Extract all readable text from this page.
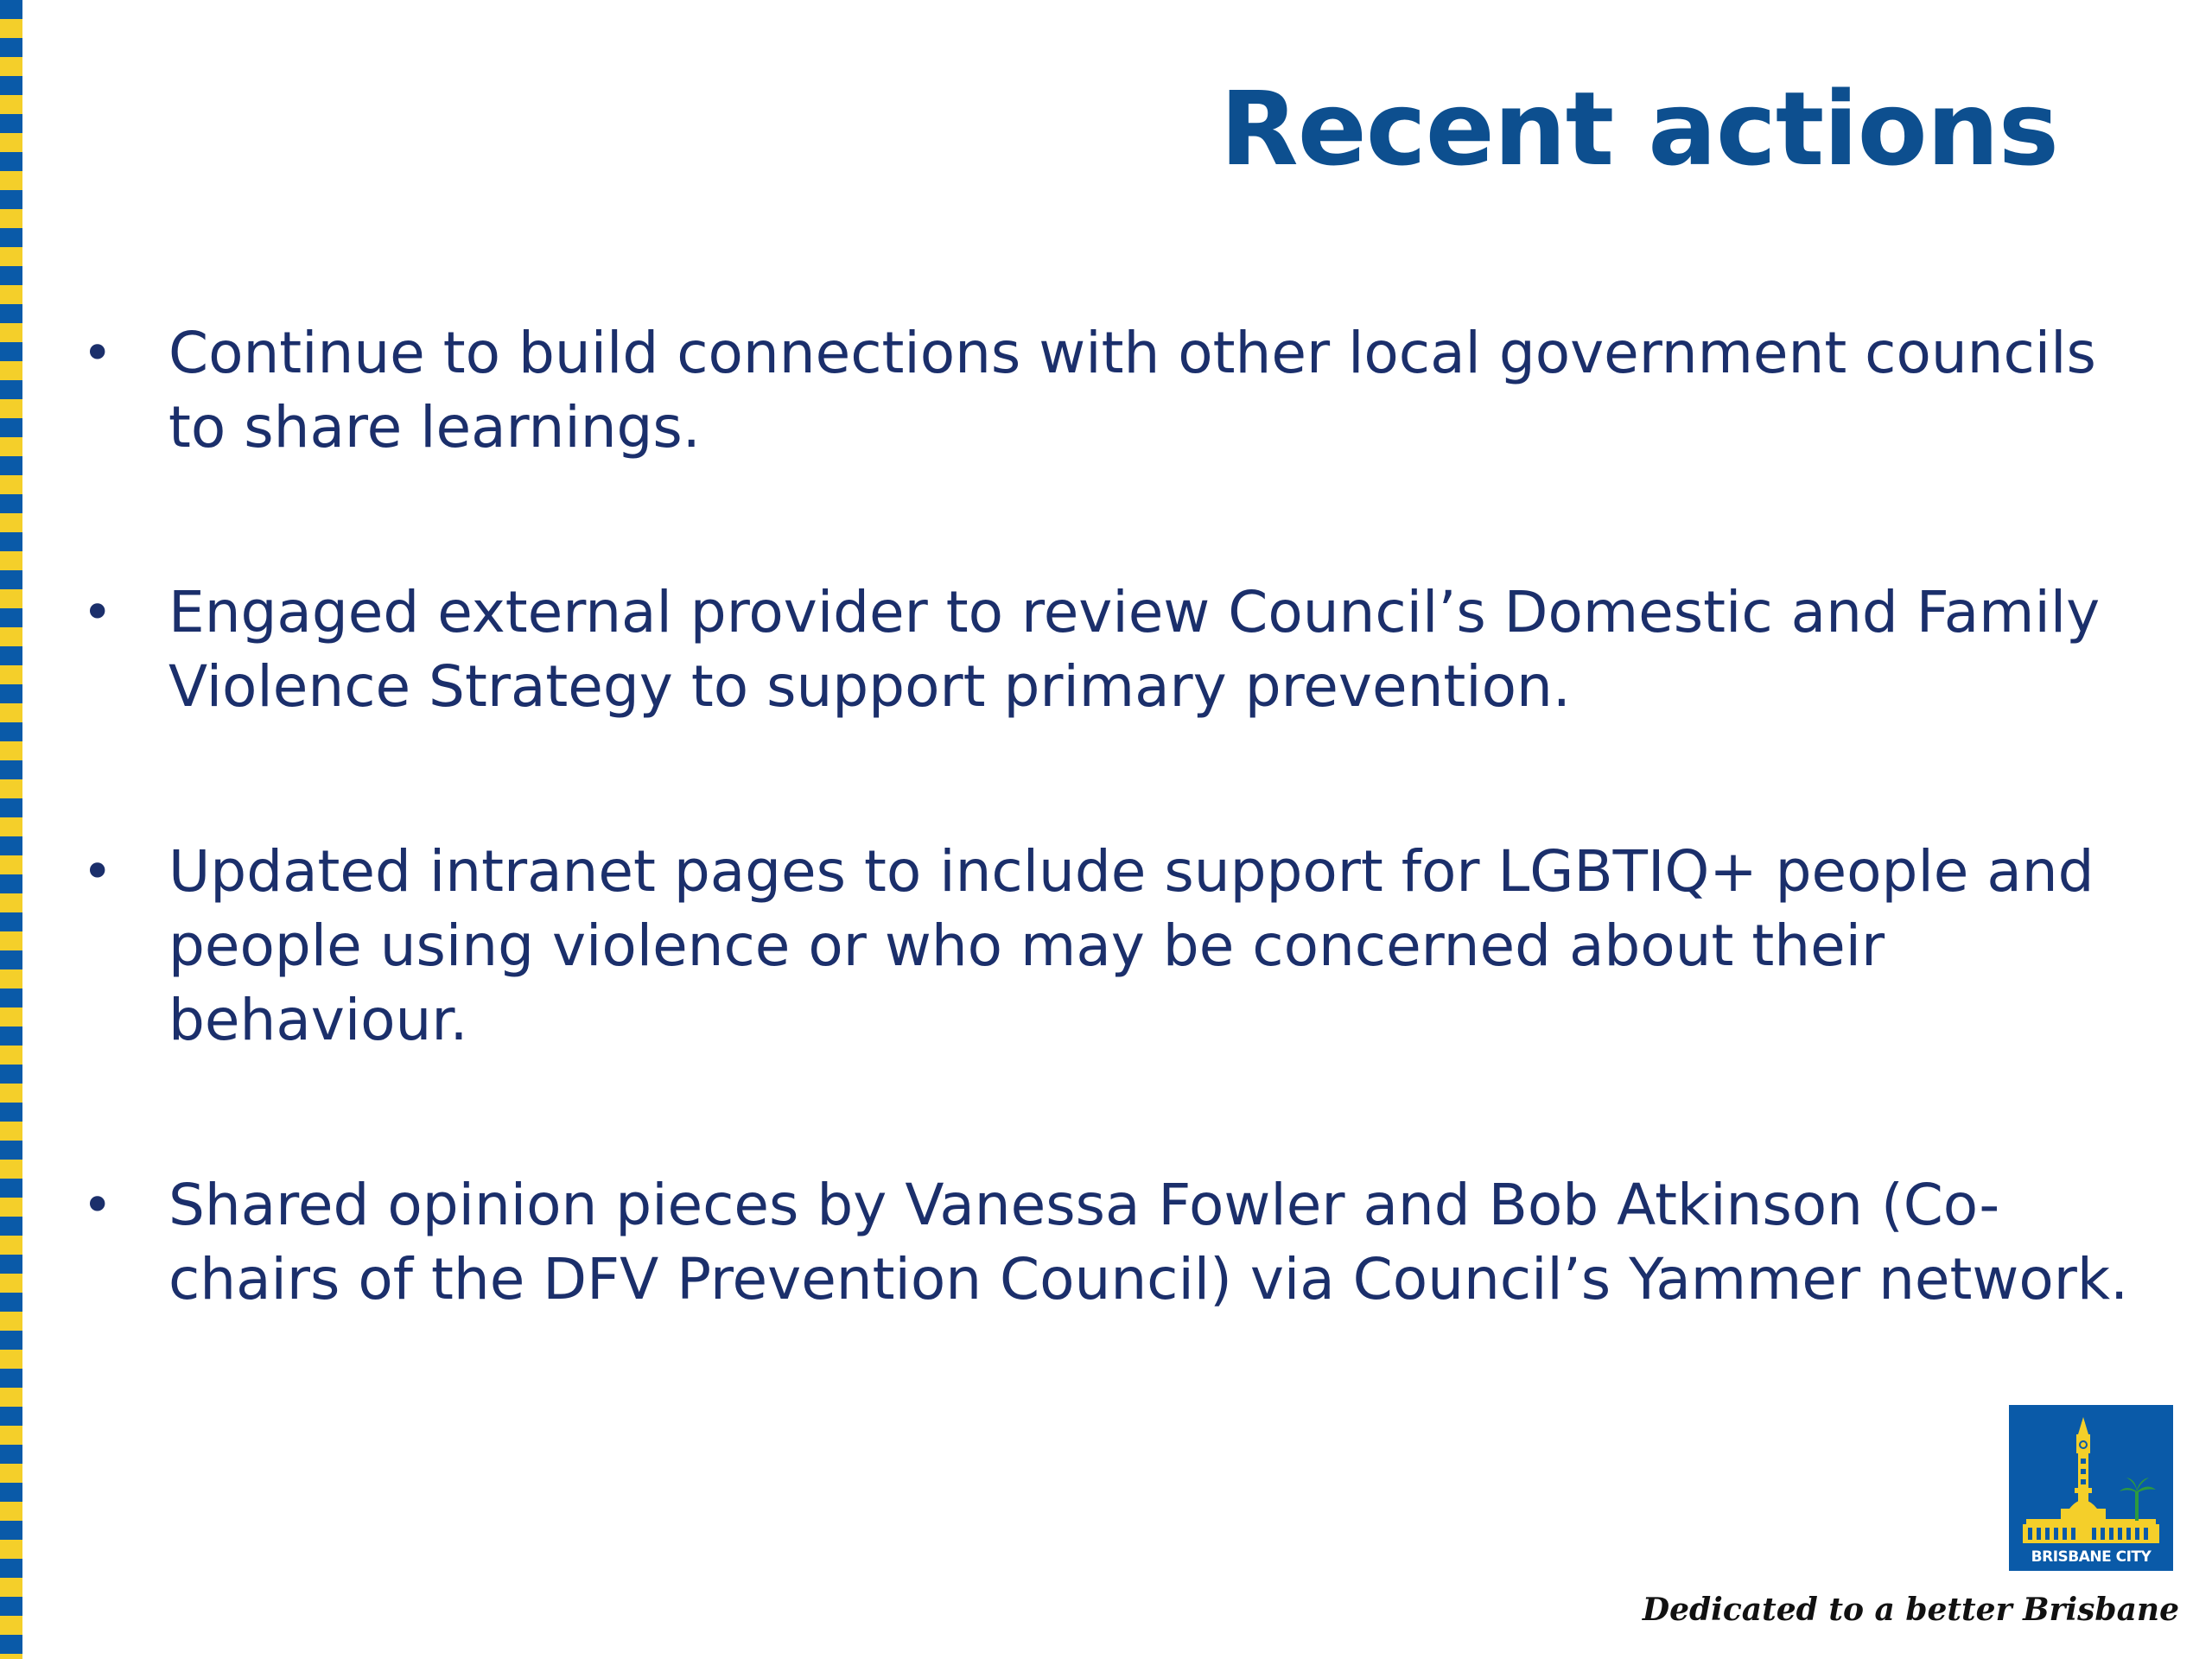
Recent actions
• Continue to build connections with other local government councils to share learnings.
• Engaged external provider to review Council’s Domestic and Family Violence Strategy to support primary prevention.
• Updated intranet pages to include support for LGBTIQ+ people and people using violence or who may be concerned about their behaviour.
• Shared opinion pieces by Vanessa Fowler and Bob Atkinson (Co-chairs of the DFV Prevention Council) via Council’s Yammer network.
BRISBANE CITY
Dedicated to a better Brisbane
